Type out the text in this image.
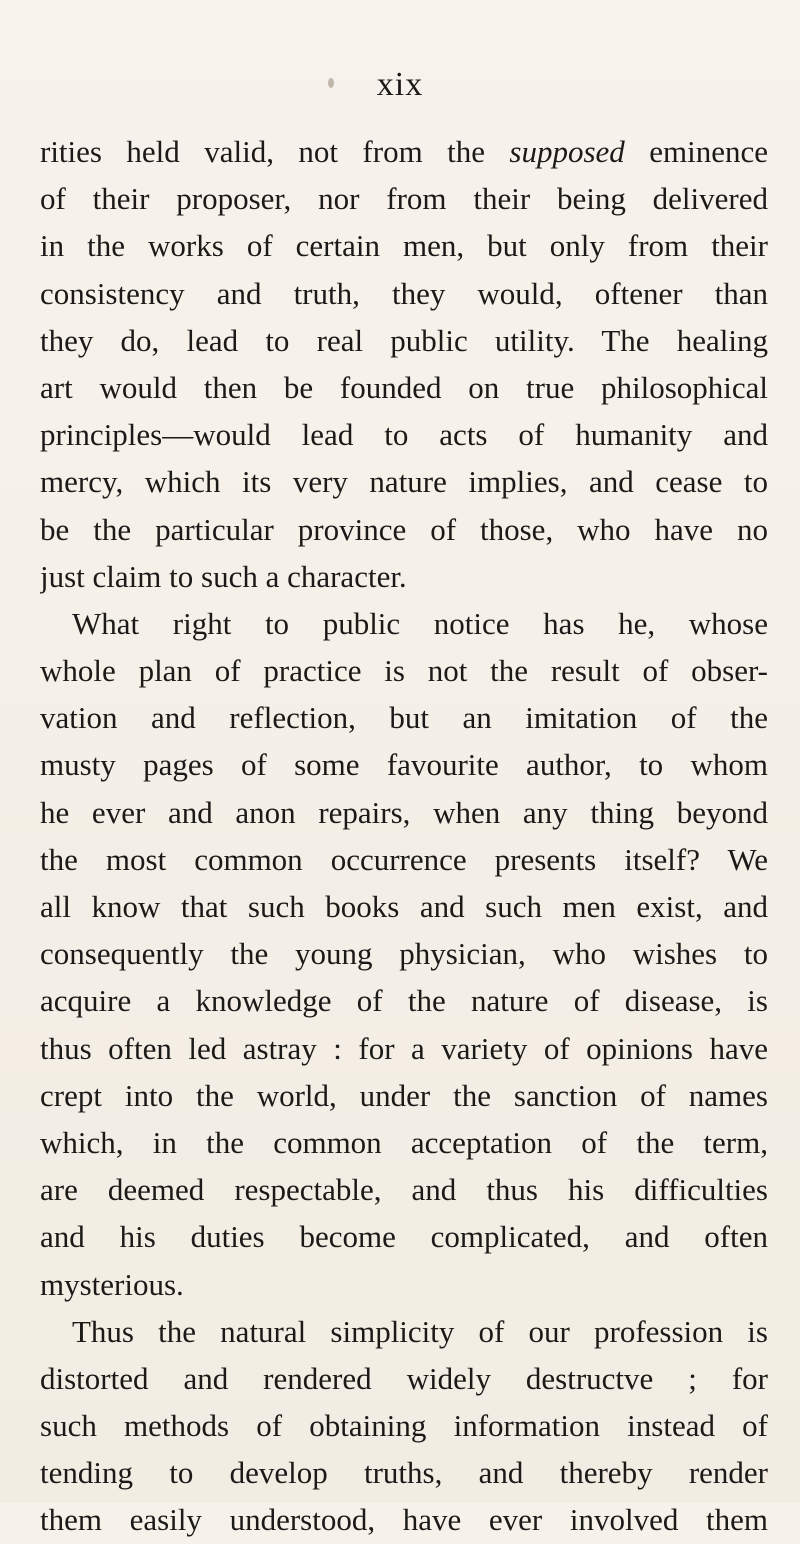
xix
rities held valid, not from the supposed eminence
of their proposer, nor from their being delivered
in the works of certain men, but only from their
consistency and truth, they would, oftener than
they do, lead to real public utility. The healing
art would then be founded on true philosophical
principles—would lead to acts of humanity and
mercy, which its very nature implies, and cease to
be the particular province of those, who have no
just claim to such a character.
What right to public notice has he, whose
whole plan of practice is not the result of obser-
vation and reflection, but an imitation of the
musty pages of some favourite author, to whom
he ever and anon repairs, when any thing beyond
the most common occurrence presents itself? We
all know that such books and such men exist, and
consequently the young physician, who wishes to
acquire a knowledge of the nature of disease, is
thus often led astray : for a variety of opinions have
crept into the world, under the sanction of names
which, in the common acceptation of the term,
are deemed respectable, and thus his difficulties
and his duties become complicated, and often
mysterious.
Thus the natural simplicity of our profession is
distorted and rendered widely destructve ; for
such methods of obtaining information instead of
tending to develop truths, and thereby render
them easily understood, have ever involved them
